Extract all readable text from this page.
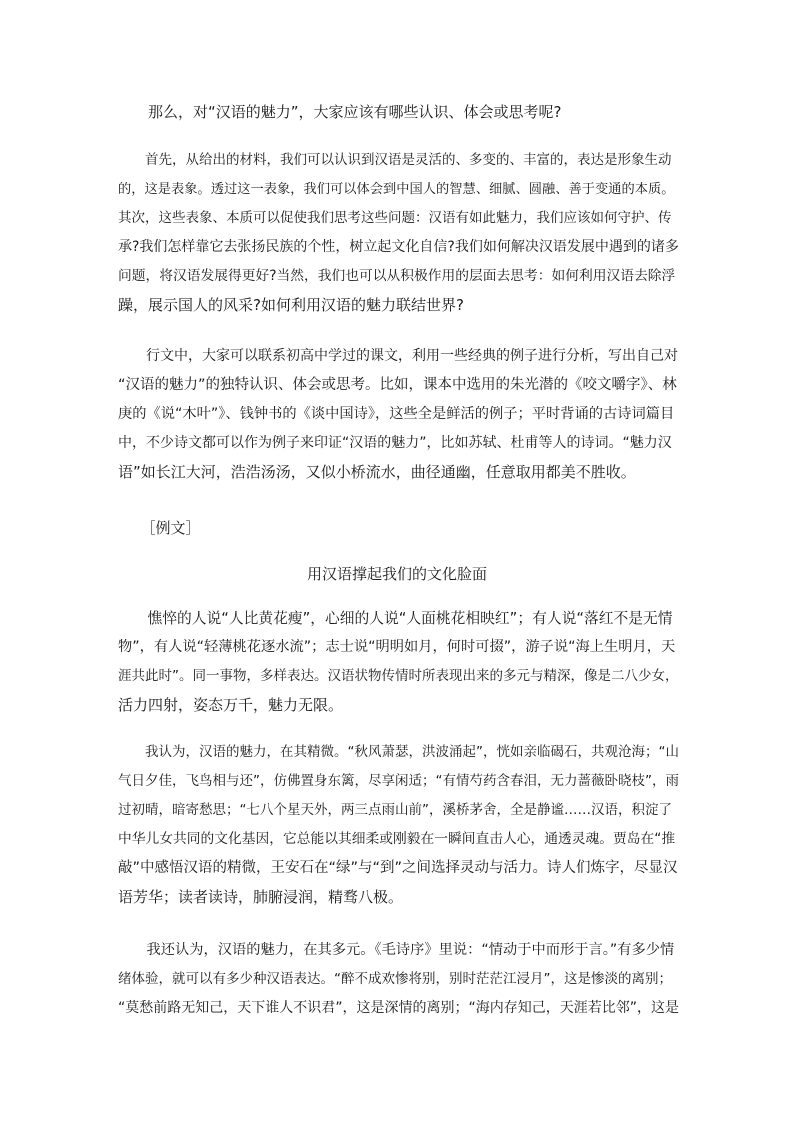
　　那么，对“汉语的魅力”，大家应该有哪些认识、体会或思考呢?

　　首先，从给出的材料，我们可以认识到汉语是灵活的、多变的、丰富的，表达是形象生动
的，这是表象。透过这一表象，我们可以体会到中国人的智慧、细腻、圆融、善于变通的本质。
其次，这些表象、本质可以促使我们思考这些问题：汉语有如此魅力，我们应该如何守护、传
承?我们怎样靠它去张扬民族的个性，树立起文化自信?我们如何解决汉语发展中遇到的诸多
问题，将汉语发展得更好?当然，我们也可以从积极作用的层面去思考：如何利用汉语去除浮
躁，展示国人的风采?如何利用汉语的魅力联结世界?

　　行文中，大家可以联系初高中学过的课文，利用一些经典的例子进行分析，写出自己对
“汉语的魅力”的独特认识、体会或思考。比如，课本中选用的朱光潜的《咬文嚼字》、林
庚的《说“木叶”》、钱钟书的《谈中国诗》，这些全是鲜活的例子；平时背诵的古诗词篇目
中，不少诗文都可以作为例子来印证“汉语的魅力”，比如苏轼、杜甫等人的诗词。“魅力汉
语”如长江大河，浩浩汤汤，又似小桥流水，曲径通幽，任意取用都美不胜收。

　　［例文］

用汉语撑起我们的文化脸面

　　憔悴的人说“人比黄花瘦”，心细的人说“人面桃花相映红”；有人说“落红不是无情
物”，有人说“轻薄桃花逐水流”；志士说“明明如月，何时可掇”，游子说“海上生明月，天
涯共此时”。同一事物，多样表达。汉语状物传情时所表现出来的多元与精深，像是二八少女，
活力四射，姿态万千，魅力无限。

　　我认为，汉语的魅力，在其精微。“秋风萧瑟，洪波涌起”，恍如亲临碣石，共观沧海；“山
气日夕佳，飞鸟相与还”，仿佛置身东篱，尽享闲适；“有情芍药含春泪，无力蔷薇卧晓枝”，雨
过初晴，暗寄愁思；“七八个星天外，两三点雨山前”，溪桥茅舍，全是静谧……汉语，积淀了
中华儿女共同的文化基因，它总能以其细柔或刚毅在一瞬间直击人心，通透灵魂。贾岛在“推
敲”中感悟汉语的精微，王安石在“绿”与“到”之间选择灵动与活力。诗人们炼字，尽显汉
语芳华；读者读诗，肺腑浸润，精骛八极。

　　我还认为，汉语的魅力，在其多元。《毛诗序》里说：“情动于中而形于言。”有多少情
绪体验，就可以有多少种汉语表达。“醉不成欢惨将别，别时茫茫江浸月”，这是惨淡的离别；
“莫愁前路无知己，天下谁人不识君”，这是深情的离别；“海内存知己，天涯若比邻”，这是
